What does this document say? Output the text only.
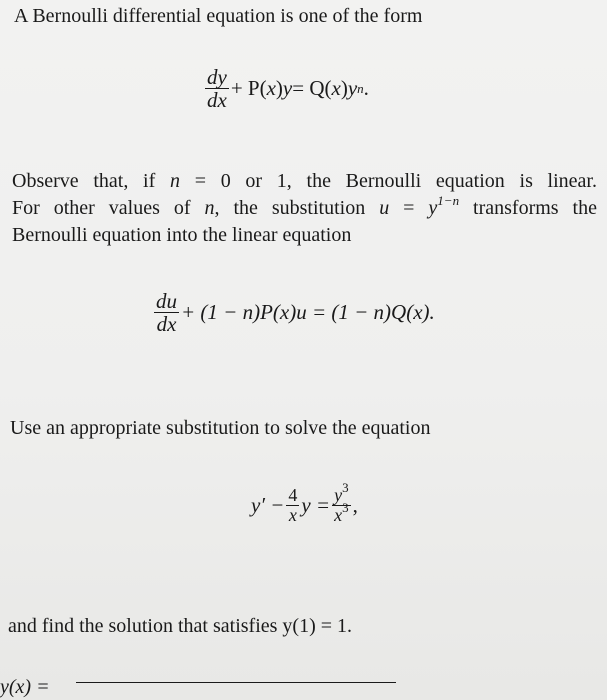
A Bernoulli differential equation is one of the form
$\frac{dy}{dx} + P$( x ) y = Q( x ) y n .
Observe that, if n = 0 or 1, the Bernoulli equation is linear.
For other values of n, the substitution $u = y^{1-n}$ transforms the
Bernoulli equation into the linear equation
$\frac{du}{dx} + (1 - n)P(x)u = (1 - n)Q(x)$.
Use an appropriate substitution to solve the equation
$y' - \frac{4}{x}$ $y = \frac{y^3}{x^3}$ ,
and find the solution that satisfies y(1) = 1.
y(x) =
